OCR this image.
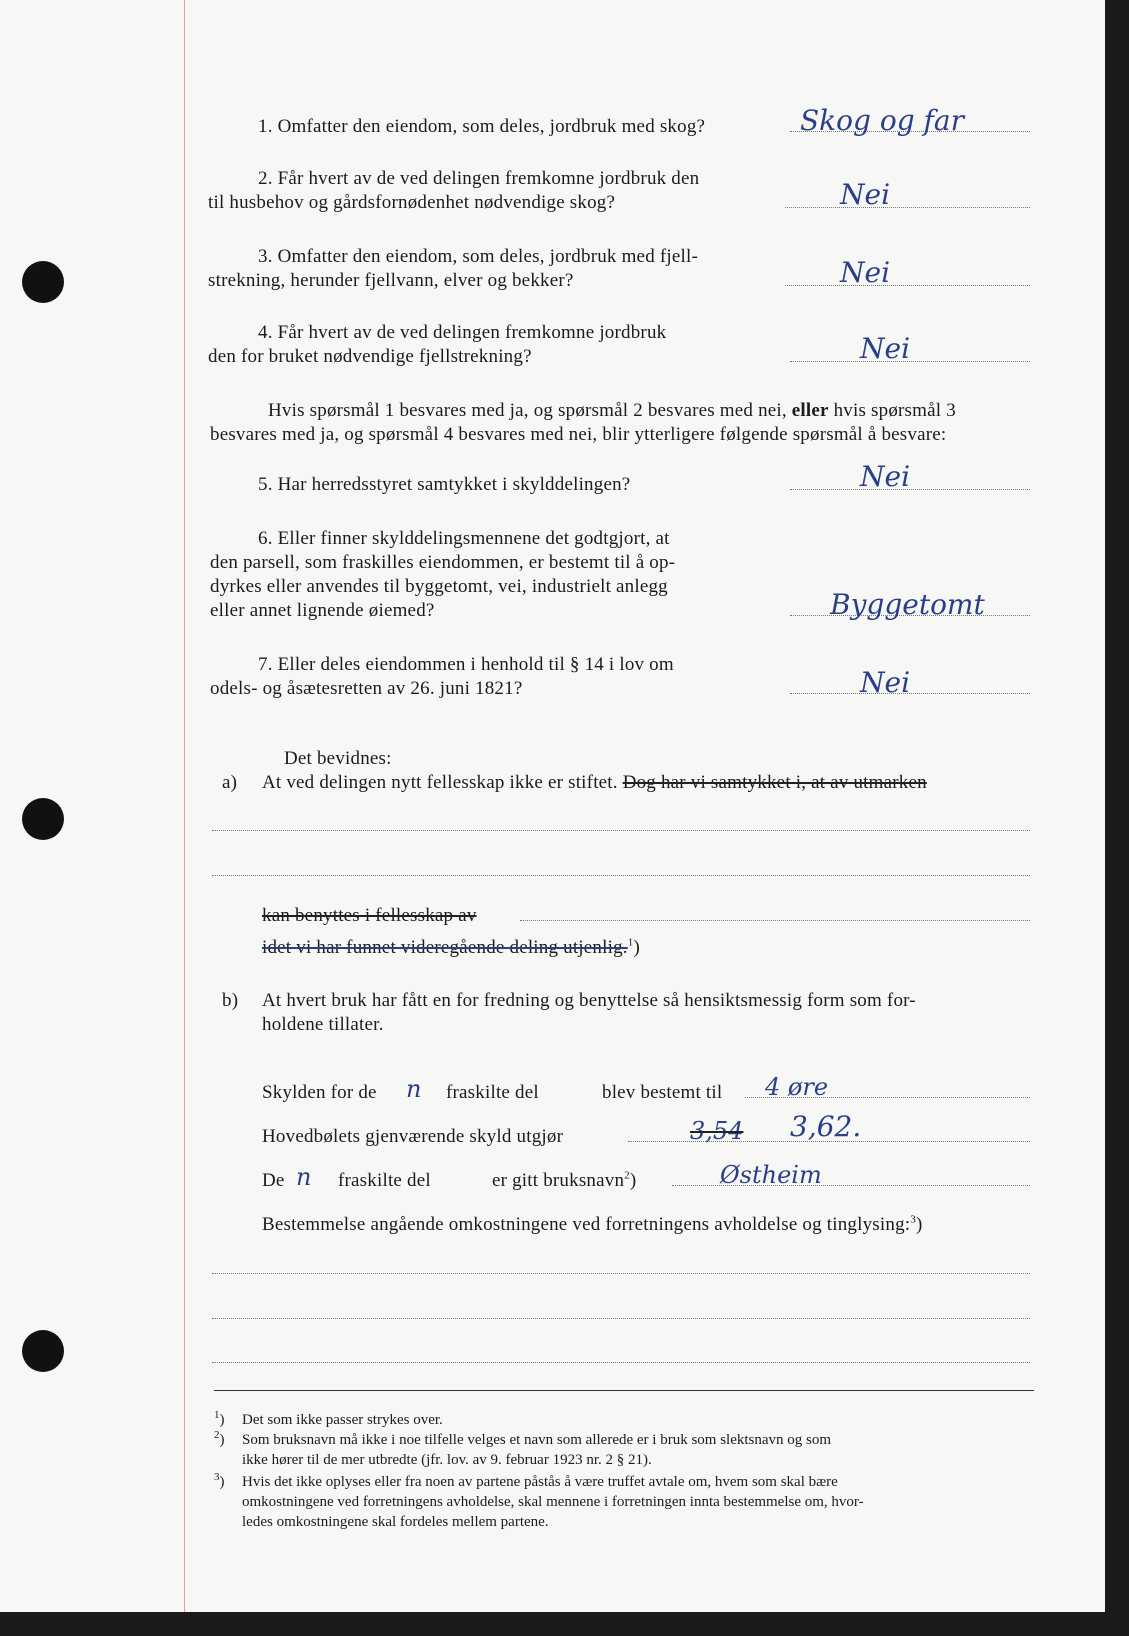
1. Omfatter den eiendom, som deles, jordbruk med skog?	Skog og far
2. Får hvert av de ved delingen fremkomne jordbruk den
til husbehov og gårdsfornødenhet nødvendige skog?	Nei
3. Omfatter den eiendom, som deles, jordbruk med fjell-
strekning, herunder fjellvann, elver og bekker?	Nei
4. Får hvert av de ved delingen fremkomne jordbruk
den for bruket nødvendige fjellstrekning?	Nei
Hvis spørsmål 1 besvares med ja, og spørsmål 2 besvares med nei, eller hvis spørsmål 3
besvares med ja, og spørsmål 4 besvares med nei, blir ytterligere følgende spørsmål å besvare:
5. Har herredsstyret samtykket i skylddelingen?	Nei
6. Eller finner skylddelingsmennene det godtgjort, at
den parsell, som fraskilles eiendommen, er bestemt til å op-
dyrkes eller anvendes til byggetomt, vei, industrielt anlegg
eller annet lignende øiemed?	Byggetomt
7. Eller deles eiendommen i henhold til § 14 i lov om
odels- og åsætesretten av 26. juni 1821?	Nei
Det bevidnes:
a) At ved delingen nytt fellesskap ikke er stiftet. Dog har vi samtykket i, at av utmarken
kan benyttes i fellesskap av
idet vi har funnet videregående deling utjenlig.$^1$)
b) At hvert bruk har fått en for fredning og benyttelse så hensiktsmessig form som for-
holdene tillater.
Skylden for de n fraskilte del	blev bestemt til 4 øre
Hovedbølets gjenværende skyld utgjør	3,54 3,62.
De n fraskilte del	er gitt bruksnavn$^2$)	Østheim
Bestemmelse angående omkostningene ved forretningens avholdelse og tinglysing:$^3$)
$^1$) Det som ikke passer strykes over.
$^2$) Som bruksnavn må ikke i noe tilfelle velges et navn som allerede er i bruk som slektsnavn og som
ikke hører til de mer utbredte (jfr. lov. av 9. februar 1923 nr. 2 § 21).
$^3$) Hvis det ikke oplyses eller fra noen av partene påstås å være truffet avtale om, hvem som skal bære
omkostningene ved forretningens avholdelse, skal mennene i forretningen innta bestemmelse om, hvor-
ledes omkostningene skal fordeles mellem partene.
